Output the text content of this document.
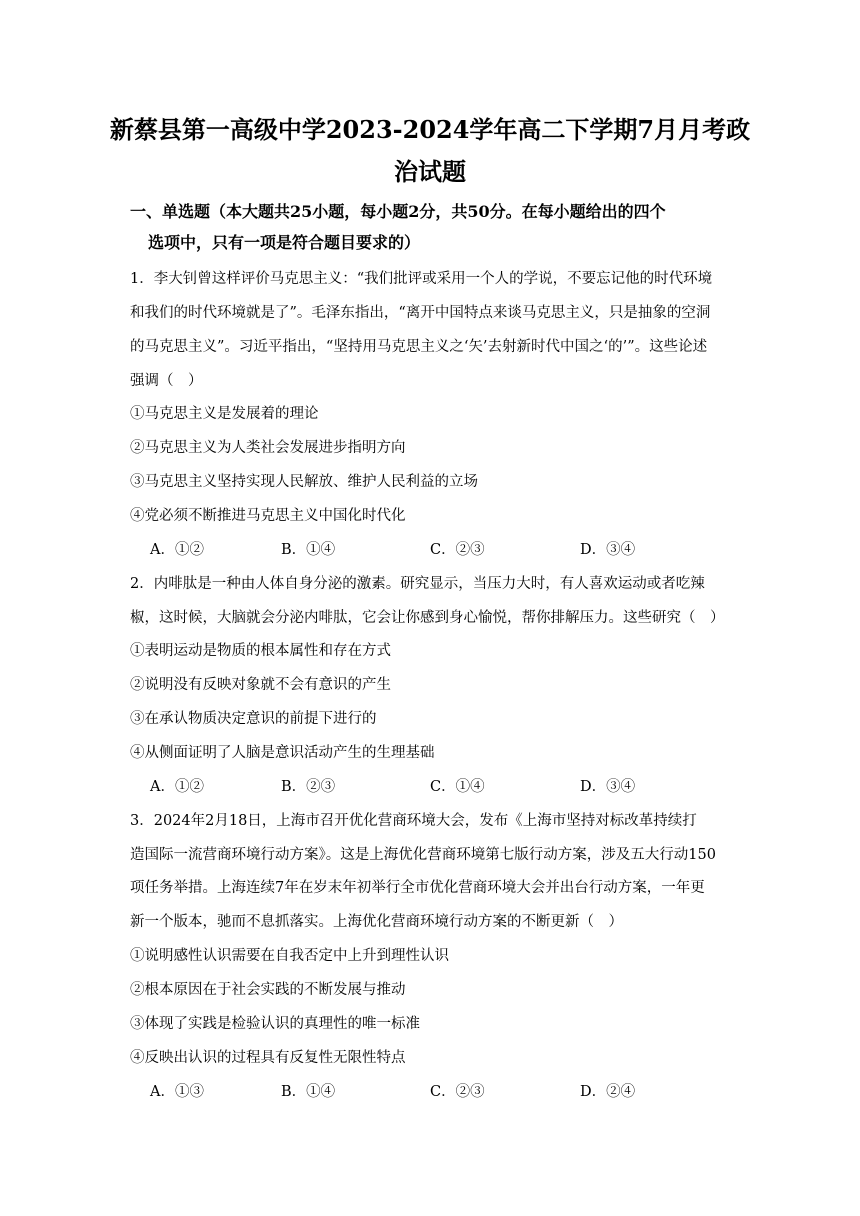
新蔡县第一高级中学2023-2024学年高二下学期7月月考政
治试题
一、单选题（本大题共25小题，每小题2分，共50分。在每小题给出的四个
选项中，只有一项是符合题目要求的）
1．李大钊曾这样评价马克思主义：“我们批评或采用一个人的学说，不要忘记他的时代环境
和我们的时代环境就是了”。毛泽东指出，“离开中国特点来谈马克思主义，只是抽象的空洞
的马克思主义”。习近平指出，“坚持用马克思主义之‘矢’去射新时代中国之‘的’”。这些论述
强调（　）
①马克思主义是发展着的理论
②马克思主义为人类社会发展进步指明方向
③马克思主义坚持实现人民解放、维护人民利益的立场
④党必须不断推进马克思主义中国化时代化
A．①②	B．①④	C．②③	D．③④
2．内啡肽是一种由人体自身分泌的激素。研究显示，当压力大时，有人喜欢运动或者吃辣
椒，这时候，大脑就会分泌内啡肽，它会让你感到身心愉悦，帮你排解压力。这些研究（　）
①表明运动是物质的根本属性和存在方式
②说明没有反映对象就不会有意识的产生
③在承认物质决定意识的前提下进行的
④从侧面证明了人脑是意识活动产生的生理基础
A．①②	B．②③	C．①④	D．③④
3．2024年2月18日，上海市召开优化营商环境大会，发布《上海市坚持对标改革持续打
造国际一流营商环境行动方案》。这是上海优化营商环境第七版行动方案，涉及五大行动150
项任务举措。上海连续7年在岁末年初举行全市优化营商环境大会并出台行动方案，一年更
新一个版本，驰而不息抓落实。上海优化营商环境行动方案的不断更新（　）
①说明感性认识需要在自我否定中上升到理性认识
②根本原因在于社会实践的不断发展与推动
③体现了实践是检验认识的真理性的唯一标准
④反映出认识的过程具有反复性无限性特点
A．①③	B．①④	C．②③	D．②④
